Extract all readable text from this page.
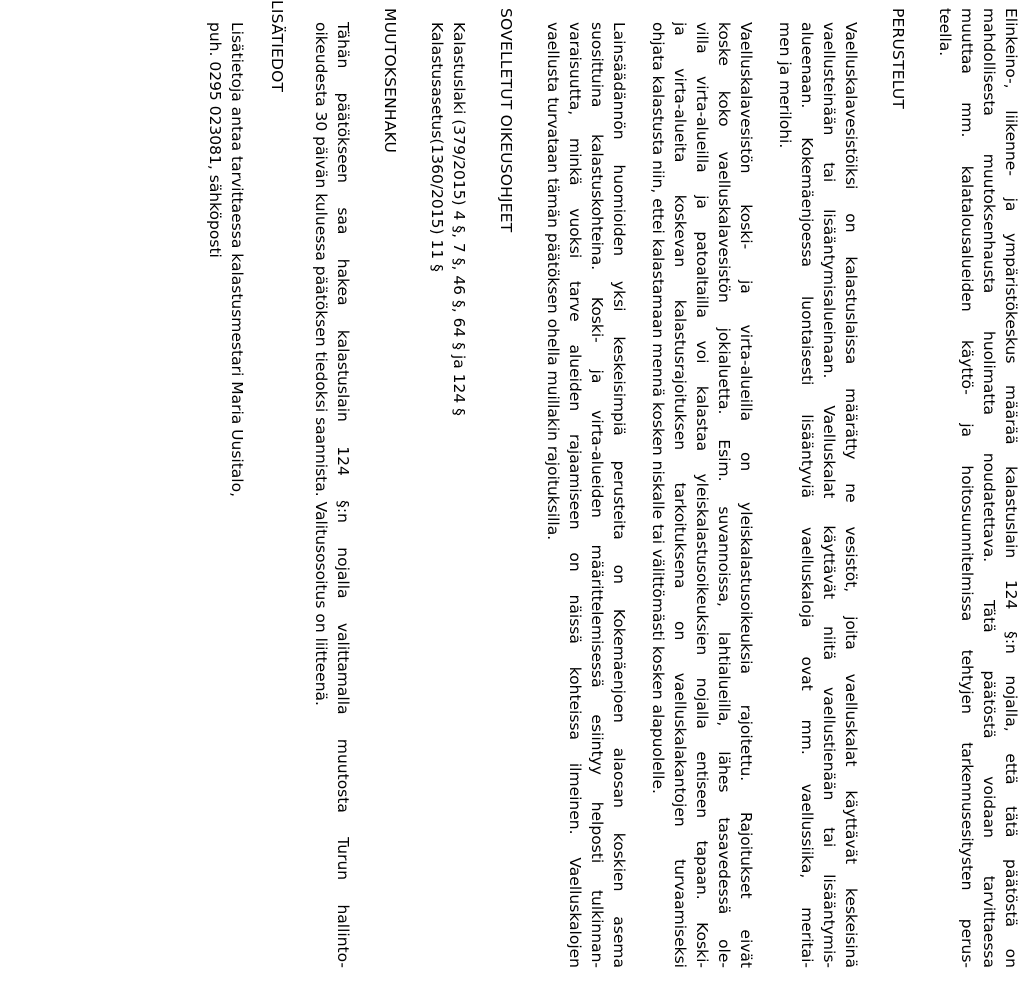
Elinkeino-, liikenne- ja ympäristökeskus määrää kalastuslain 124 §:n nojalla, että tätä päätöstä on
mahdollisesta muutoksenhausta huolimatta noudatettava. Tätä päätöstä voidaan tarvittaessa
muuttaa mm. kalatalousalueiden käyttö- ja hoitosuunnitelmissa tehtyjen tarkennusesitysten perus-
teella.
PERUSTELUT
Vaelluskalavesistöiksi on kalastuslaissa määrätty ne vesistöt, joita vaelluskalat käyttävät keskeisinä
vaellusteinään tai lisääntymisalueinaan. Vaelluskalat käyttävät niitä vaellustienään tai lisääntymis-
alueenaan. Kokemäenjoessa luontaisesti lisääntyviä vaelluskaloja ovat mm. vaellussiika, meritai-
men ja merilohi.
Vaelluskalavesistön koski- ja virta-alueilla on yleiskalastusoikeuksia rajoitettu. Rajoitukset eivät
koske koko vaelluskalavesistön jokialuetta. Esim. suvannoissa, lahtialueilla, lähes tasavedessä ole-
villa virta-alueilla ja patoaltailla voi kalastaa yleiskalastusoikeuksien nojalla entiseen tapaan. Koski-
ja virta-alueita koskevan kalastusrajoituksen tarkoituksena on vaelluskalakantojen turvaamiseksi
ohjata kalastusta niin, ettei kalastamaan mennä kosken niskalle tai välittömästi kosken alapuolelle.
Lainsäädännön huomioiden yksi keskeisimpiä perusteita on Kokemäenjoen alaosan koskien asema
suosittuina kalastuskohteina. Koski- ja virta-alueiden määrittelemisessä esiintyy helposti tulkinnan-
varaisuutta, minkä vuoksi tarve alueiden rajaamiseen on näissä kohteissa ilmeinen. Vaelluskalojen
vaellusta turvataan tämän päätöksen ohella muillakin rajoituksilla.
SOVELLETUT OIKEUSOHJEET
Kalastuslaki (379/2015) 4 §, 7 §, 46 §, 64 § ja 124 §
Kalastusasetus(1360/2015) 11 §
MUUTOKSENHAKU
Tähän päätökseen saa hakea kalastuslain 124 §:n nojalla valittamalla muutosta Turun hallinto-
oikeudesta 30 päivän kuluessa päätöksen tiedoksi saannista. Valitusosoitus on liitteenä.
LISÄTIEDOT
Lisätietoja antaa tarvittaessa kalastusmestari Maria Uusitalo,
puh. 0295 023081, sähköposti
